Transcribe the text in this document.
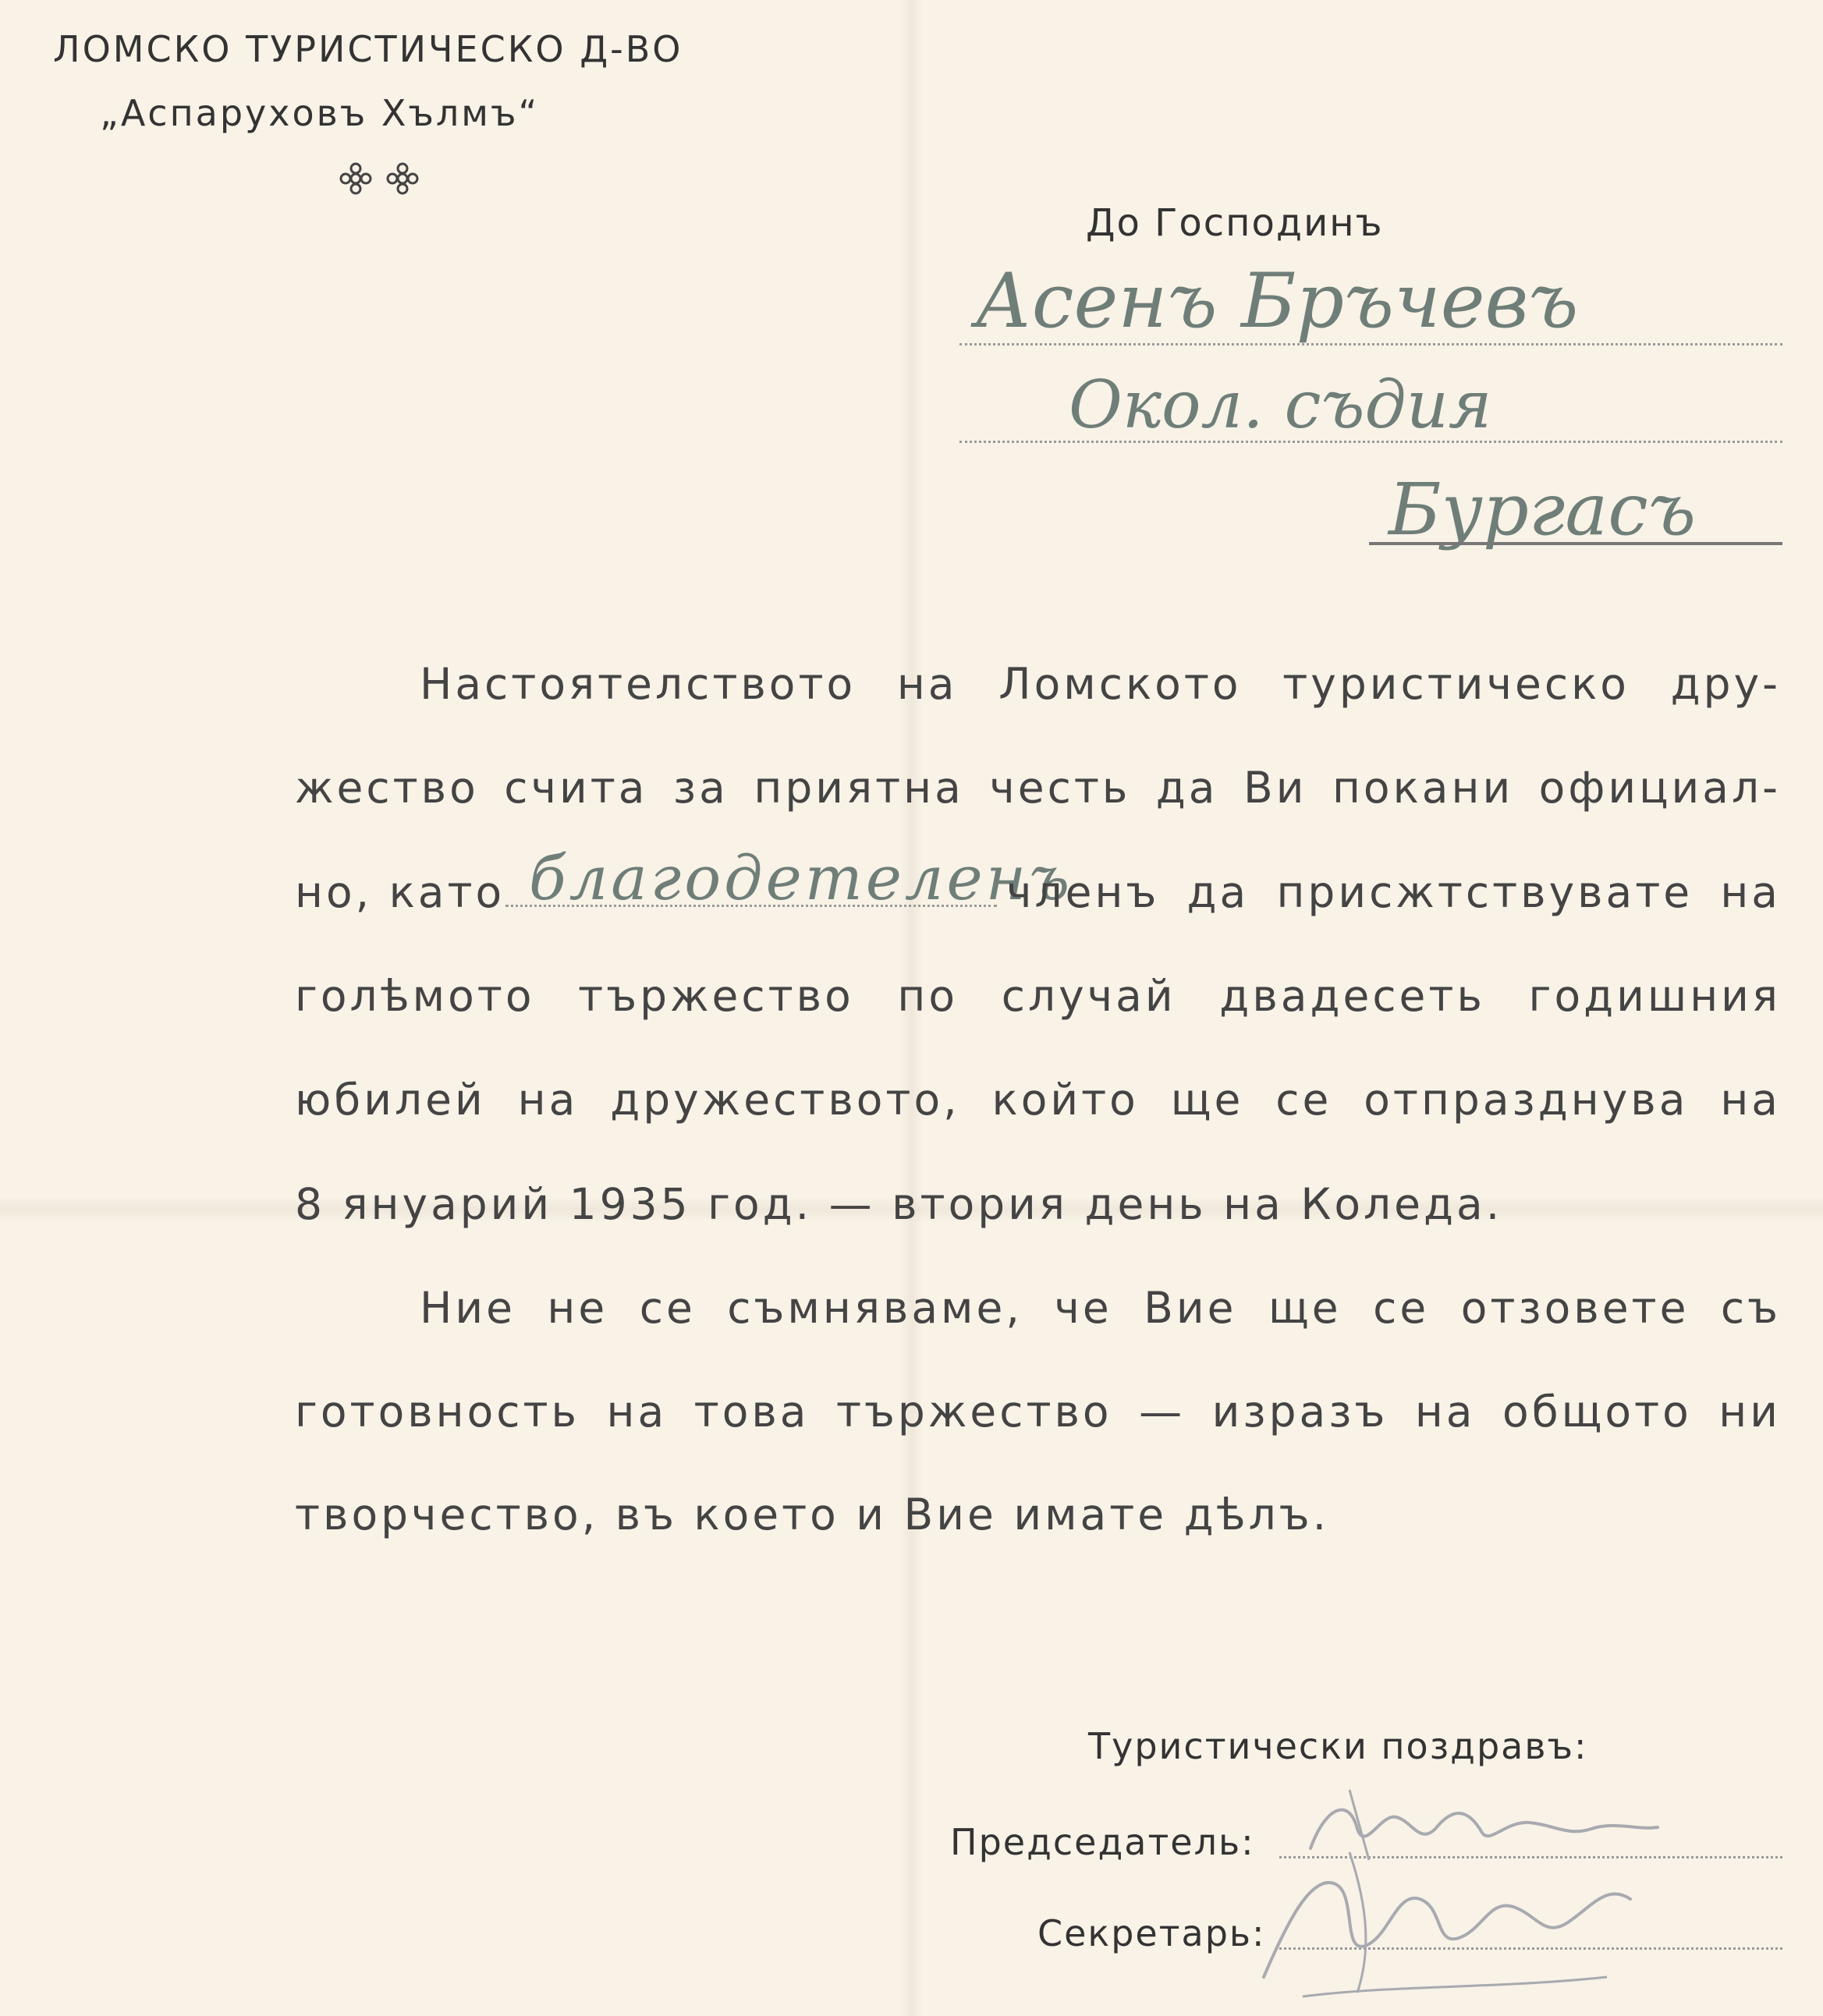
ЛОМСКО ТУРИСТИЧЕСКО Д-ВО
„Аспаруховъ Хълмъ“
До Господинъ
Асенъ Бръчевъ
Окол. съдия
Бургасъ
Настоятелството на Ломското туристическо дру-
жество счита за приятна честь да Ви покани официал-
но, като благодетеленъ
членъ да присжтствувате на
голѣмото тържество по случай двадесеть годишния
юбилей на дружеството, който ще се отпразднува на
8 януарий 1935 год. — втория день на Коледа.
Ние не се съмняваме, че Вие ще се отзовете съ
готовность на това тържество — изразъ на общото ни
творчество, въ което и Вие имате дѣлъ.
Туристически поздравъ:
Председатель:
Секретарь:
